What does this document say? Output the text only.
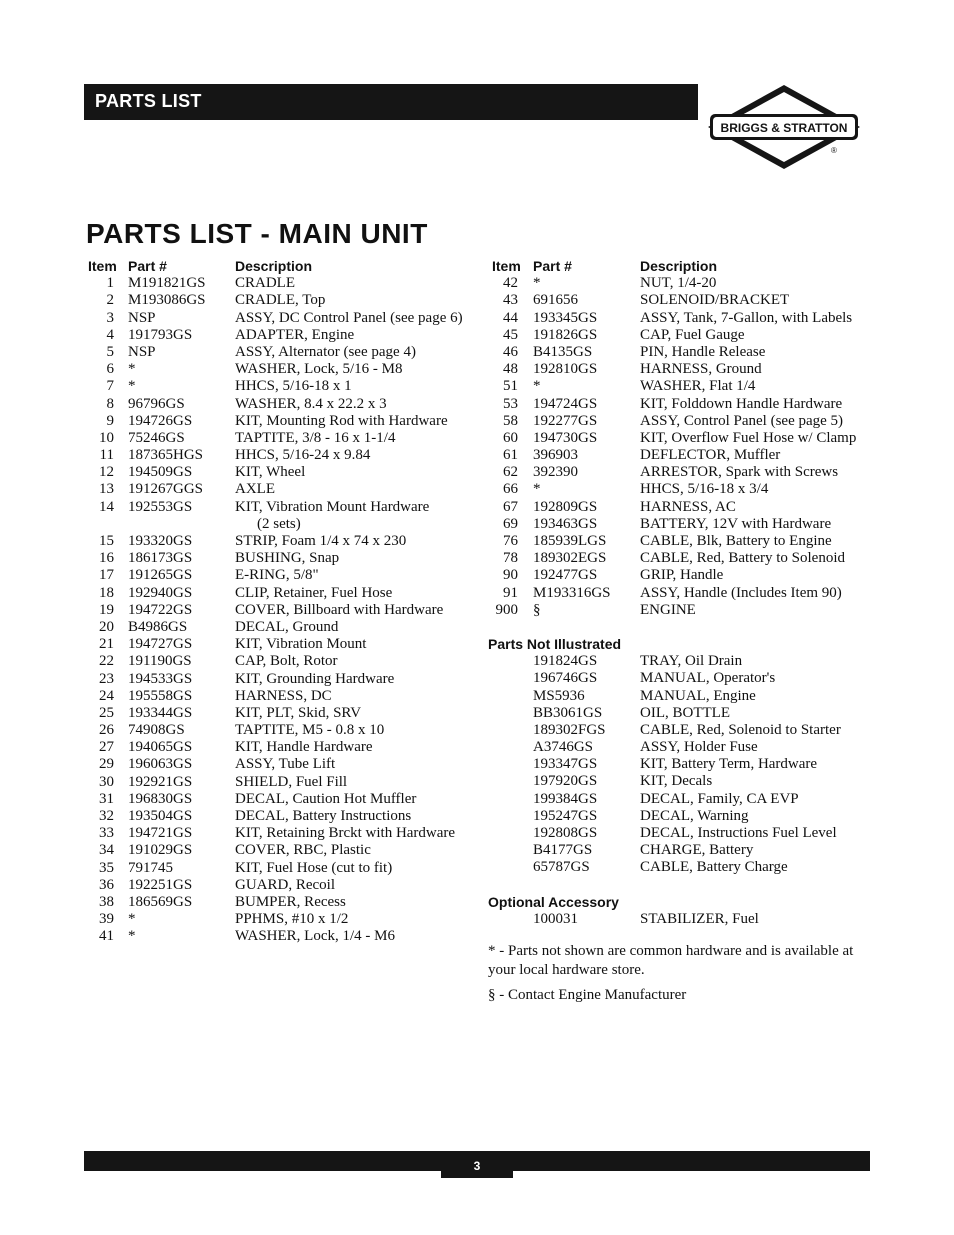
PARTS LIST
BRIGGS & STRATTON
®
PARTS LIST - MAIN UNIT
Item Part #	Description
1 M191821GS CRADLE
2 M193086GS CRADLE, Top
3 NSP	ASSY, DC Control Panel (see page 6)
4 191793GS	ADAPTER, Engine
5 NSP	ASSY, Alternator (see page 4)
6 *	WASHER, Lock, 5/16 - M8
7 *	HHCS, 5/16-18 x 1
8 96796GS	WASHER, 8.4 x 22.2 x 3
9 194726GS	KIT, Mounting Rod with Hardware
10 75246GS	TAPTITE, 3/8 - 16 x 1-1/4
11 187365HGS HHCS, 5/16-24 x 9.84
12 194509GS	KIT, Wheel
13 191267GGS AXLE
14 192553GS	KIT, Vibration Mount Hardware
(2 sets)
15 193320GS	STRIP, Foam 1/4 x 74 x 230
16 186173GS	BUSHING, Snap
17 191265GS	E-RING, 5/8"
18 192940GS	CLIP, Retainer, Fuel Hose
19 194722GS	COVER, Billboard with Hardware
20 B4986GS	DECAL, Ground
21 194727GS	KIT, Vibration Mount
22 191190GS	CAP, Bolt, Rotor
23 194533GS	KIT, Grounding Hardware
24 195558GS	HARNESS, DC
25 193344GS	KIT, PLT, Skid, SRV
26 74908GS	TAPTITE, M5 - 0.8 x 10
27 194065GS	KIT, Handle Hardware
29 196063GS	ASSY, Tube Lift
30 192921GS	SHIELD, Fuel Fill
31 196830GS	DECAL, Caution Hot Muffler
32 193504GS	DECAL, Battery Instructions
33 194721GS	KIT, Retaining Brckt with Hardware
34 191029GS	COVER, RBC, Plastic
35 791745	KIT, Fuel Hose (cut to fit)
36 192251GS	GUARD, Recoil
38 186569GS	BUMPER, Recess
39 *	PPHMS, #10 x 1/2
41 *	WASHER, Lock, 1/4 - M6
Item Part #	Description
42 *	NUT, 1/4-20
43 691656	SOLENOID/BRACKET
44 193345GS	ASSY, Tank, 7-Gallon, with Labels
45 191826GS	CAP, Fuel Gauge
46 B4135GS	PIN, Handle Release
48 192810GS	HARNESS, Ground
51 *	WASHER, Flat 1/4
53 194724GS	KIT, Folddown Handle Hardware
58 192277GS	ASSY, Control Panel (see page 5)
60 194730GS	KIT, Overflow Fuel Hose w/ Clamp
61 396903	DEFLECTOR, Muffler
62 392390	ARRESTOR, Spark with Screws
66 *	HHCS, 5/16-18 x 3/4
67 192809GS	HARNESS, AC
69 193463GS	BATTERY, 12V with Hardware
76 185939LGS CABLE, Blk, Battery to Engine
78 189302EGS CABLE, Red, Battery to Solenoid
90 192477GS	GRIP, Handle
91 M193316GS ASSY, Handle (Includes Item 90)
900 §	ENGINE
Parts Not Illustrated
191824GS	TRAY, Oil Drain
196746GS	MANUAL, Operator's
MS5936	MANUAL, Engine
BB3061GS	OIL, BOTTLE
189302FGS CABLE, Red, Solenoid to Starter
A3746GS	ASSY, Holder Fuse
193347GS	KIT, Battery Term, Hardware
197920GS	KIT, Decals
199384GS	DECAL, Family, CA EVP
195247GS	DECAL, Warning
192808GS	DECAL, Instructions Fuel Level
B4177GS	CHARGE, Battery
65787GS	CABLE, Battery Charge
Optional Accessory
100031	STABILIZER, Fuel
* - Parts not shown are common hardware and is available at your local hardware store.
§ - Contact Engine Manufacturer
3
